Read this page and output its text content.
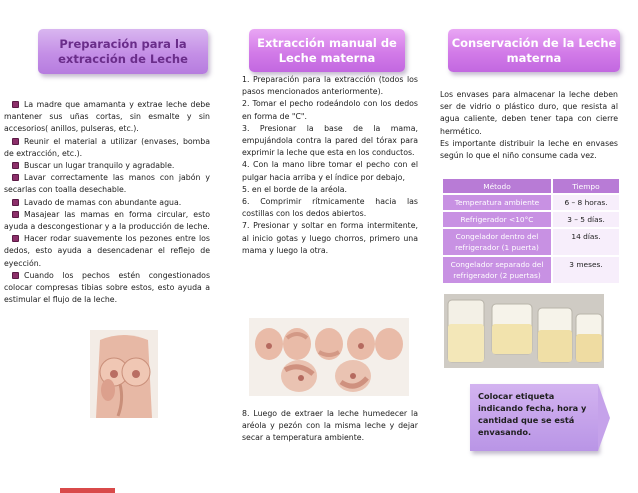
Preparación para la extracción de Leche

La madre que amamanta y extrae leche debe mantener sus uñas cortas, sin esmalte y sin accesorios( anillos, pulseras, etc.).

Reunir el material a utilizar (envases, bomba de extracción, etc.).

Buscar un lugar tranquilo y agradable.

Lavar correctamente las manos con jabón y secarlas con toalla desechable.

Lavado de mamas con abundante agua.

Masajear las mamas en forma circular, esto ayuda a descongestionar y a la producción de leche.

Hacer rodar suavemente los pezones entre los dedos, esto ayuda a desencadenar el reflejo de eyección.

Cuando los pechos estén congestionados colocar compresas tibias sobre estos, esto ayuda a estimular el flujo de la leche.

Extracción manual de Leche materna

1. Preparación para la extracción (todos los pasos mencionados anteriormente).

2. Tomar el pecho rodeándolo con los dedos en forma de "C".

3. Presionar la base de la mama, empujándola contra la pared del tórax para exprimir la leche que esta en los conductos.

4. Con la mano libre tomar el pecho con el pulgar hacia arriba y el índice por debajo,

5. en el borde de la aréola.

6. Comprimir rítmicamente hacia las costillas con los dedos abiertos.

7. Presionar y soltar en forma intermitente, al inicio gotas y luego chorros, primero una mama y luego la otra.

8. Luego de extraer la leche humedecer la aréola y pezón con la misma leche y dejar secar a temperatura ambiente.
Conservación de la Leche materna
Los envases para almacenar la leche deben ser de vidrio o plástico duro, que resista al agua caliente, deben tener tapa con cierre hermético.
Es importante distribuir la leche en envases según lo que el niño consume cada vez.
Método	Tiempo
Temperatura ambiente	6 – 8 horas.
Refrigerador <10°C	3 – 5 días.
Congelador dentro del refrigerador (1 puerta)	14 días.
Congelador separado del refrigerador (2 puertas)	3 meses.
Colocar etiqueta indicando fecha, hora y cantidad que se está envasando.
